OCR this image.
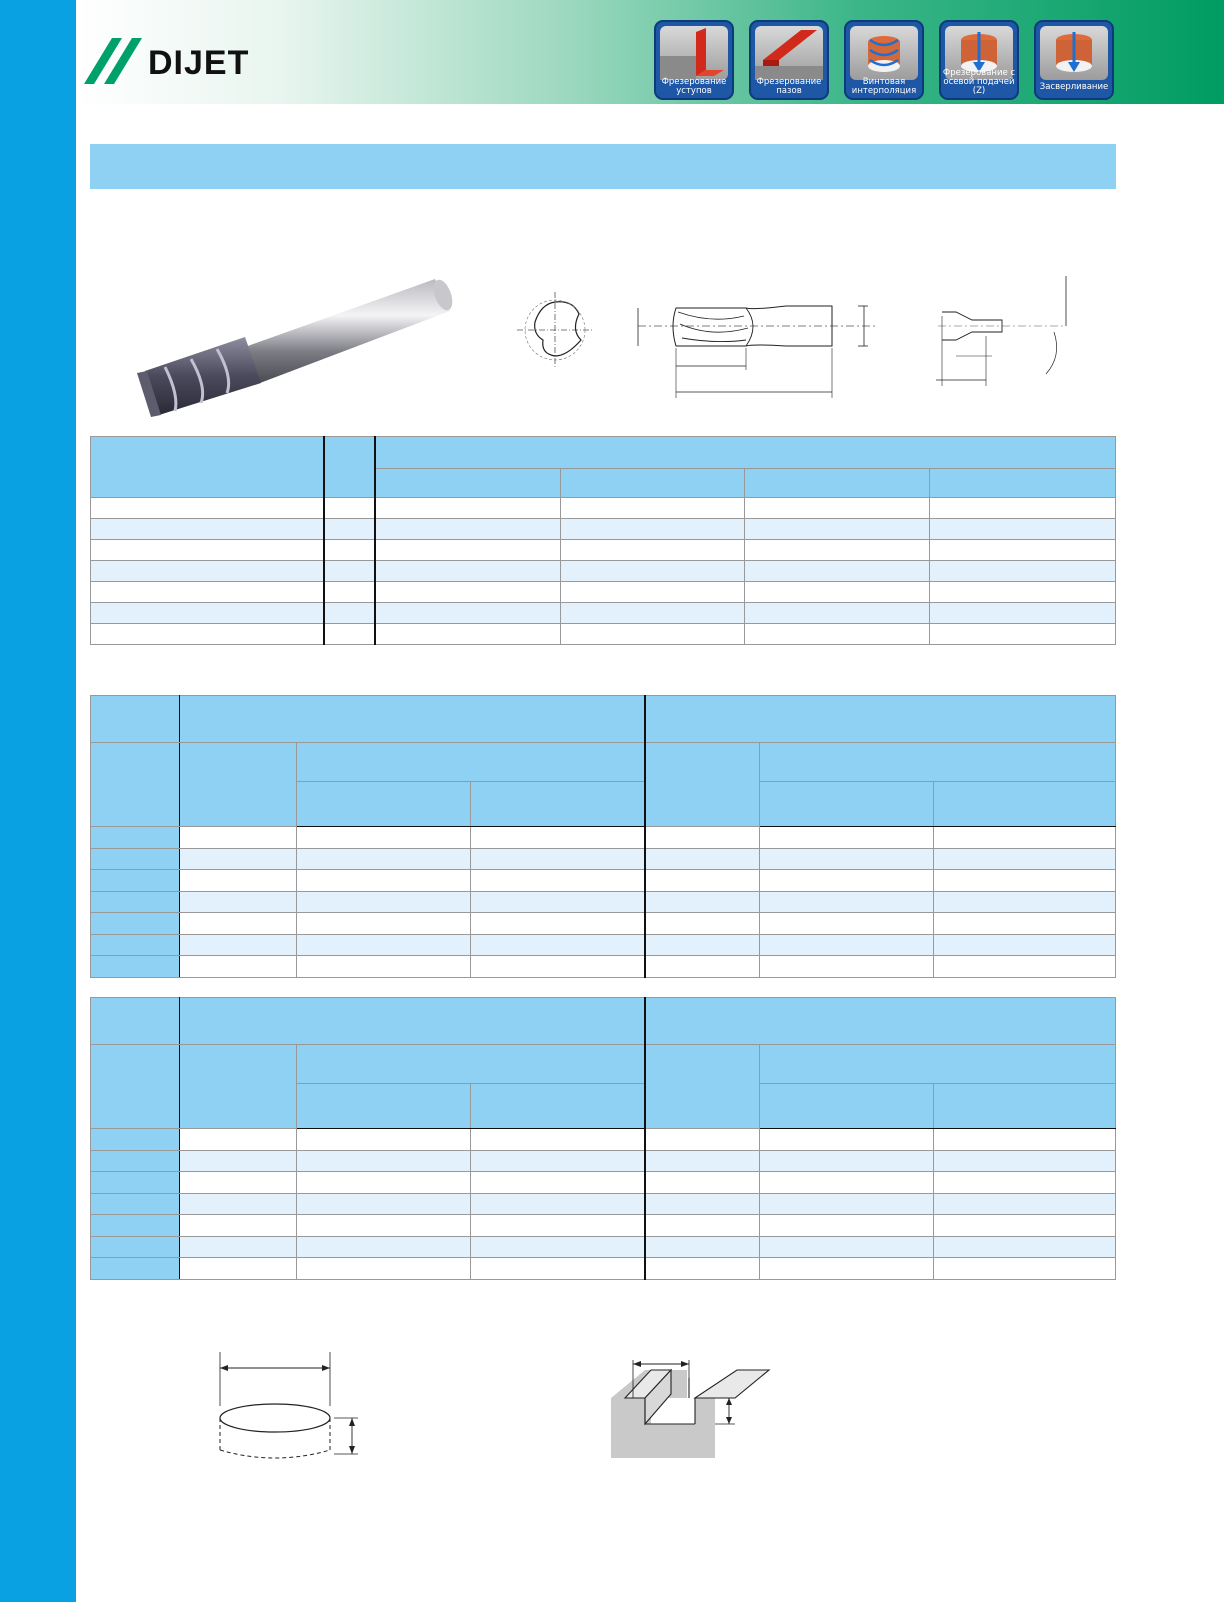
DIJET	Фрезерование
уступов
Фрезерование
пазов
Винтовая
интерполяция
Фрезерование с
осевой подачей (Z)	Засверливание
